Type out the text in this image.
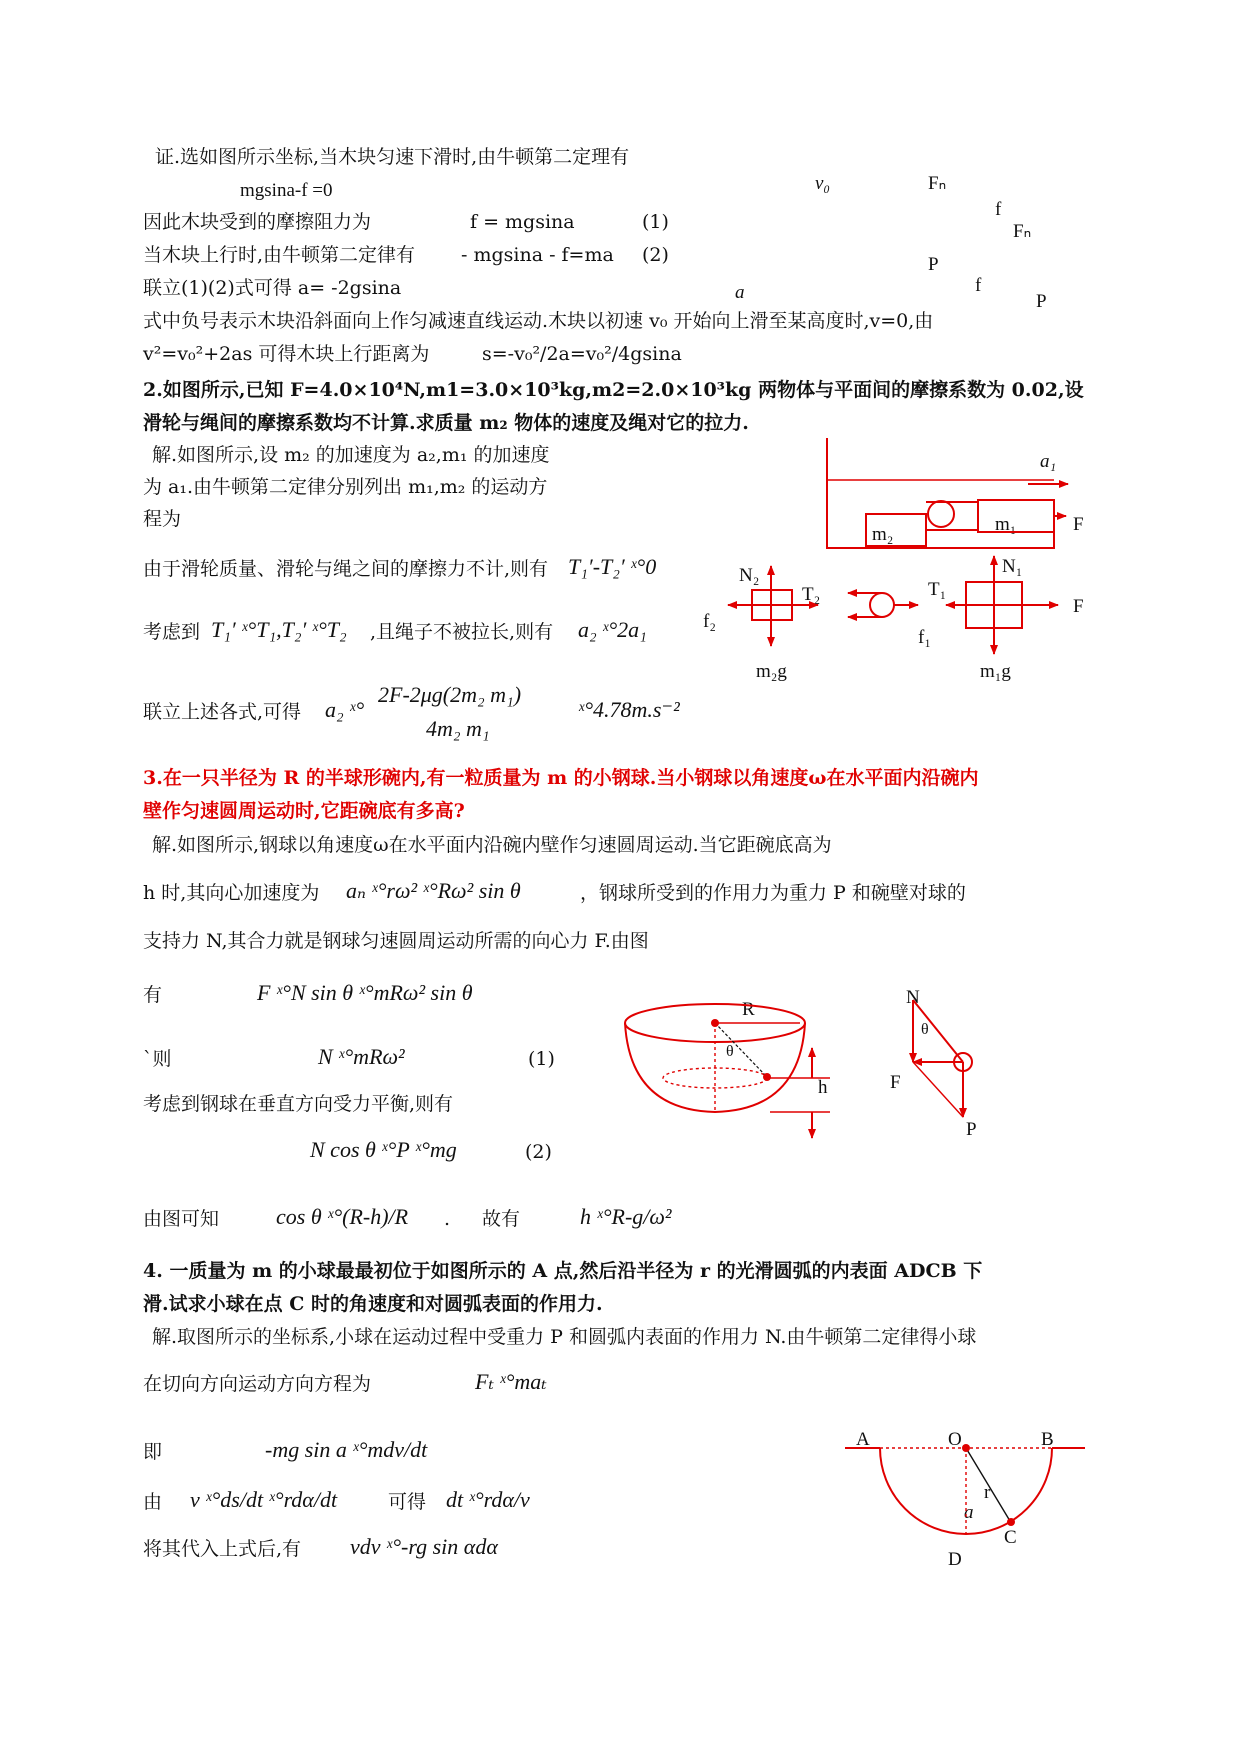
证.选如图所示坐标,当木块匀速下滑时,由牛顿第二定理有
mgsina-f =0
因此木块受到的摩擦阻力为	f = mgsina	(1)
当木块上行时,由牛顿第二定律有 - mgsina - f=ma (2)
联立(1)(2)式可得 a= -2gsina
式中负号表示木块沿斜面向上作匀减速直线运动.木块以初速 v₀ 开始向上滑至某高度时,v=0,由
v²=v₀²+2as 可得木块上行距离为	s=-v₀²/2a=v₀²/4gsina
v₀	Fₙ
f
Fₙ
P
f
P
a
2.如图所示,已知 F=4.0×10⁴N,m1=3.0×10³kg,m2=2.0×10³kg 两物体与平面间的摩擦系数为 0.02,设
滑轮与绳间的摩擦系数均不计算.求质量 m₂ 物体的速度及绳对它的拉力.
解.如图所示,设 m₂ 的加速度为 a₂,m₁ 的加速度
为 a₁.由牛顿第二定律分别列出 m₁,m₂ 的运动方
程为
由于滑轮质量、滑轮与绳之间的摩擦力不计,则有 T₁′-T₂′ ˣ°0
考虑到 T₁′ ˣ°T₁,T₂′ ˣ°T₂ ,且绳子不被拉长,则有 a₂ ˣ°2a₁
联立上述各式,可得 a₂ ˣ°
2F-2μg(2m₂ m₁)
4m₂ m₁
ˣ°4.78m.s⁻²
a₁
m₂	m₁	F
N₂
T₂
f₂
m₂g
T₁
N₁
F
f₁
m₁g
3.在一只半径为 R 的半球形碗内,有一粒质量为 m 的小钢球.当小钢球以角速度ω在水平面内沿碗内
壁作匀速圆周运动时,它距碗底有多高?
解.如图所示,钢球以角速度ω在水平面内沿碗内壁作匀速圆周运动.当它距碗底高为
h 时,其向心加速度为 aₙ ˣ°rω² ˣ°Rω² sin θ	，钢球所受到的作用力为重力 P 和碗壁对球的
支持力 N,其合力就是钢球匀速圆周运动所需的向心力 F.由图
有	F ˣ°N sin θ ˣ°mRω² sin θ
`则	N ˣ°mRω²	(1)
考虑到钢球在垂直方向受力平衡,则有
N cos θ ˣ°P ˣ°mg	(2)
由图可知	cos θ ˣ°(R-h)/R . 故有	h ˣ°R-g/ω²
R
θ
h
N
θ
F
P
4. 一质量为 m 的小球最最初位于如图所示的 A 点,然后沿半径为 r 的光滑圆弧的内表面 ADCB 下
滑.试求小球在点 C 时的角速度和对圆弧表面的作用力.
解.取图所示的坐标系,小球在运动过程中受重力 P 和圆弧内表面的作用力 N.由牛顿第二定律得小球
在切向方向运动方向方程为	Fₜ ˣ°maₜ
即	-mg sin a ˣ°mdv/dt
由 v ˣ°ds/dt ˣ°rdα/dt	可得 dt ˣ°rdα/v
将其代入上式后,有 vdv ˣ°-rg sin αdα
A	O	B
r
a
C
D
